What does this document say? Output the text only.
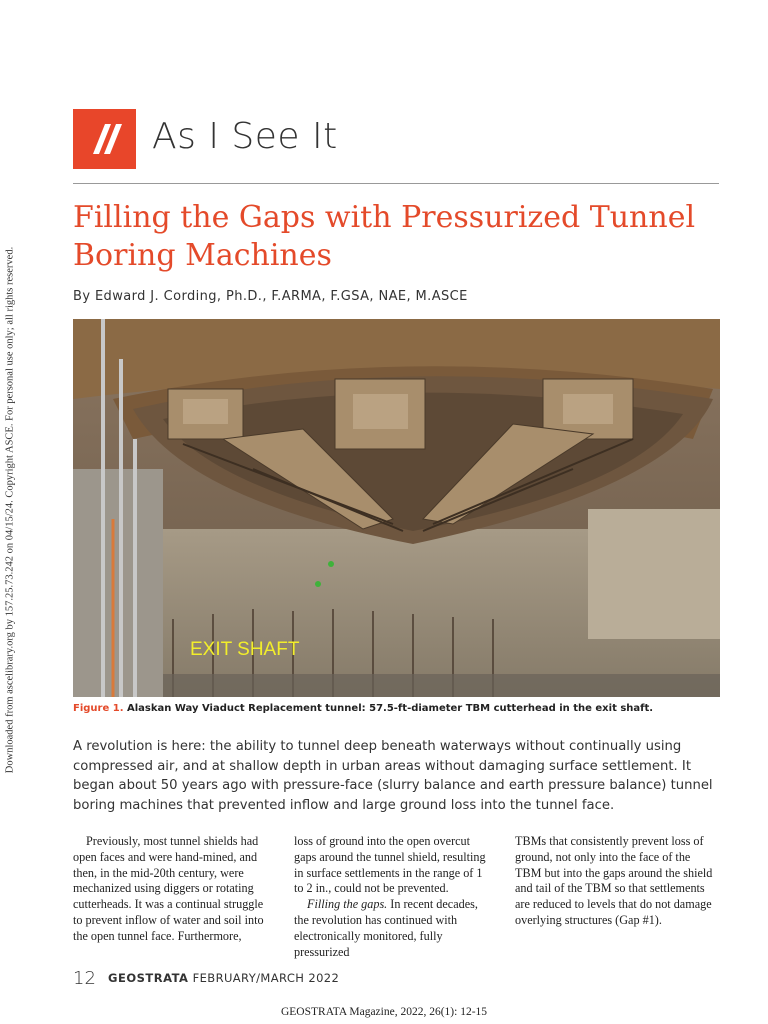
Downloaded from ascelibrary.org by 157.25.73.242 on 04/15/24. Copyright ASCE. For personal use only; all rights reserved.
As I See It
Filling the Gaps with Pressurized Tunnel Boring Machines
By Edward J. Cording, Ph.D., F.ARMA, F.GSA, NAE, M.ASCE
EXIT SHAFT
Figure 1. Alaskan Way Viaduct Replacement tunnel: 57.5-ft-diameter TBM cutterhead in the exit shaft.
A revolution is here: the ability to tunnel deep beneath waterways without continually using compressed air, and at shallow depth in urban areas without damaging surface settlement. It began about 50 years ago with pressure-face (slurry balance and earth pressure balance) tunnel boring machines that prevented inflow and large ground loss into the tunnel face.

Previously, most tunnel shields had open faces and were hand-mined, and then, in the mid-20th century, were mechanized using diggers or rotating cutterheads. It was a continual struggle to prevent inflow of water and soil into the open tunnel face. Furthermore,

loss of ground into the open overcut gaps around the tunnel shield, resulting in surface settlements in the range of 1 to 2 in., could not be prevented.

Filling the gaps. In recent decades, the revolution has continued with electronically monitored, fully pressurized

TBMs that consistently prevent loss of ground, not only into the face of the TBM but into the gaps around the shield and tail of the TBM so that settlements are reduced to levels that do not damage overlying structures (Gap #1).

12 GEOSTRATA FEBRUARY/MARCH 2022
GEOSTRATA Magazine, 2022, 26(1): 12-15
